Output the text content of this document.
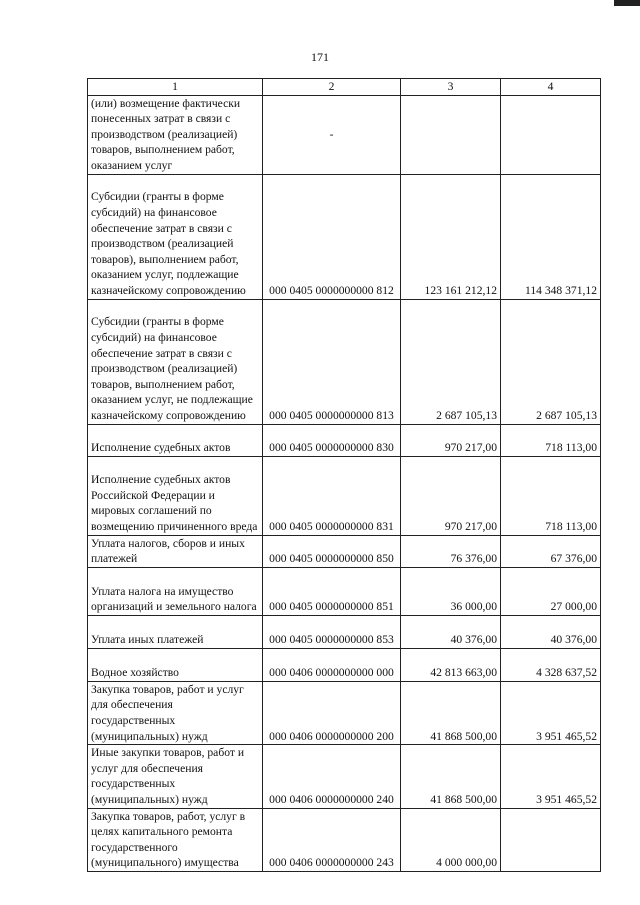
171
1	2	3	4
(или) возмещение фактически понесенных затрат в связи с производством (реализацией) товаров, выполнением работ, оказанием услуг	-		
Субсидии (гранты в форме субсидий) на финансовое обеспечение затрат в связи с производством (реализацией товаров), выполнением работ, оказанием услуг, подлежащие казначейскому сопровождению	000 0405 0000000000 812	123 161 212,12	114 348 371,12
Субсидии (гранты в форме субсидий) на финансовое обеспечение затрат в связи с производством (реализацией) товаров, выполнением работ, оказанием услуг, не подлежащие казначейскому сопровождению	000 0405 0000000000 813	2 687 105,13	2 687 105,13
Исполнение судебных актов	000 0405 0000000000 830	970 217,00	718 113,00
Исполнение судебных актов Российской Федерации и мировых соглашений по возмещению причиненного вреда	000 0405 0000000000 831	970 217,00	718 113,00
Уплата налогов, сборов и иных платежей	000 0405 0000000000 850	76 376,00	67 376,00
Уплата налога на имущество организаций и земельного налога	000 0405 0000000000 851	36 000,00	27 000,00
Уплата иных платежей	000 0405 0000000000 853	40 376,00	40 376,00
Водное хозяйство	000 0406 0000000000 000	42 813 663,00	4 328 637,52
Закупка товаров, работ и услуг для обеспечения государственных (муниципальных) нужд	000 0406 0000000000 200	41 868 500,00	3 951 465,52
Иные закупки товаров, работ и услуг для обеспечения государственных (муниципальных) нужд	000 0406 0000000000 240	41 868 500,00	3 951 465,52
Закупка товаров, работ, услуг в целях капитального ремонта государственного (муниципального) имущества	000 0406 0000000000 243	4 000 000,00	
